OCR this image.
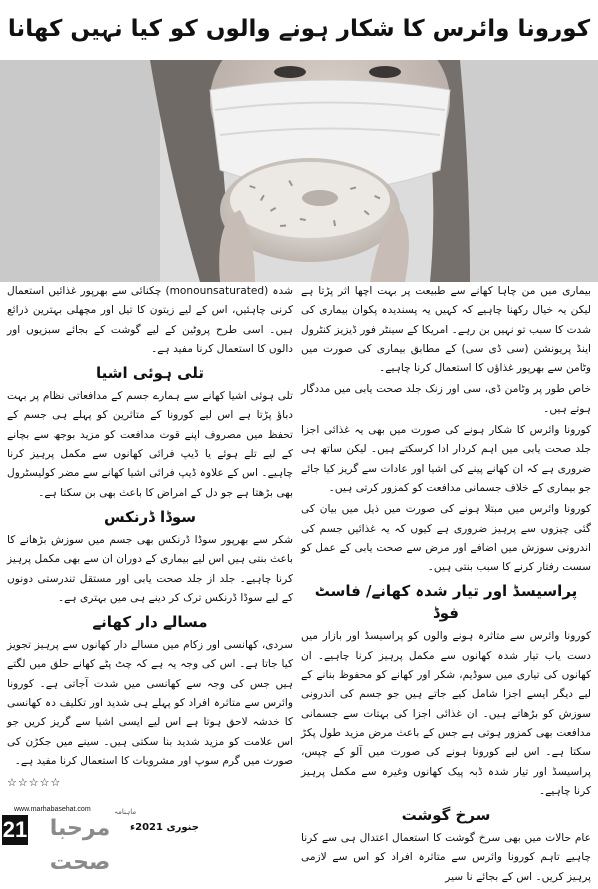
کورونا وائرس کا شکار ہونے والوں کو کیا نہیں کھانا

بیماری میں من چاہا کھانے سے طبیعت پر بہت اچھا اثر پڑتا ہے لیکن یہ خیال رکھنا چاہیے کہ کہیں یہ پسندیدہ پکوان بیماری کی شدت کا سبب تو نہیں بن رہے۔ امریکا کے سینٹر فور ڈیزیز کنٹرول اینڈ پریونشن (سی ڈی سی) کے مطابق بیماری کی صورت میں وٹامن سے بھرپور غذاؤں کا استعمال کرنا چاہیے۔

خاص طور پر وٹامن ڈی، سی اور زنک جلد صحت یابی میں مددگار ہوتے ہیں۔

کورونا وائرس کا شکار ہونے کی صورت میں بھی یہ غذائی اجزا جلد صحت یابی میں اہم کردار ادا کرسکتے ہیں۔ لیکن ساتھ ہی ضروری ہے کہ ان کھانے پینے کی اشیا اور عادات سے گریز کیا جائے جو بیماری کے خلاف جسمانی مدافعت کو کمزور کرتی ہیں۔

کورونا وائرس میں مبتلا ہونے کی صورت میں ذیل میں بیان کی گئی چیزوں سے پرہیز ضروری ہے کیوں کہ یہ غذائیں جسم کی اندرونی سوزش میں اضافے اور مرض سے صحت یابی کے عمل کو سست رفتار کرنے کا سبب بنتی ہیں۔

پراسیسڈ اور تیار شدہ کھانے/ فاسٹ فوڈ

کورونا وائرس سے متاثرہ ہونے والوں کو پراسیسڈ اور بازار میں دست یاب تیار شدہ کھانوں سے مکمل پرہیز کرنا چاہیے۔ ان کھانوں کی تیاری میں سوڈیم، شکر اور کھانے کو محفوظ بنانے کے لیے دیگر ایسے اجزا شامل کیے جاتے ہیں جو جسم کی اندرونی سوزش کو بڑھاتے ہیں۔ ان غذائی اجزا کی بہتات سے جسمانی مدافعت بھی کمزور ہوتی ہے جس کے باعث مرض مزید طول پکڑ سکتا ہے۔ اس لیے کورونا ہونے کی صورت میں آلو کے چپس، پراسیسڈ اور تیار شدہ ڈبہ پیک کھانوں وغیرہ سے مکمل پرہیز کرنا چاہیے۔

سرخ گوشت

عام حالات میں بھی سرخ گوشت کا استعمال اعتدال ہی سے کرنا چاہیے تاہم کورونا وائرس سے متاثرہ افراد کو اس سے لازمی پرہیز کریں۔ اس کے بجائے نا سیر

شدہ (monounsaturated) چکنائی سے بھرپور غذائیں استعمال کرنی چاہئیں، اس کے لیے زیتون کا تیل اور مچھلی بہترین ذرائع ہیں۔ اسی طرح پروٹین کے لیے گوشت کے بجائے سبزیوں اور دالوں کا استعمال کرنا مفید ہے۔

تلی ہوئی اشیا

تلی ہوئی اشیا کھانے سے ہمارے جسم کے مدافعاتی نظام پر بہت دباؤ پڑتا ہے اس لیے کورونا کے متاثرین کو پہلے ہی جسم کے تحفظ میں مصروف اپنے قوت مدافعت کو مزید بوجھ سے بچانے کے لیے تلے ہوئے یا ڈیپ فرائی کھانوں سے مکمل پرہیز کرنا چاہیے۔ اس کے علاوہ ڈیپ فرائی اشیا کھانے سے مضر کولیسٹرول بھی بڑھتا ہے جو دل کے امراض کا باعث بھی بن سکتا ہے۔

سوڈا ڈرنکس

شکر سے بھرپور سوڈا ڈرنکس بھی جسم میں سوزش بڑھانے کا باعث بنتی ہیں اس لیے بیماری کے دوران ان سے بھی مکمل پرہیز کرنا چاہیے۔ جلد از جلد صحت یابی اور مستقل تندرستی دونوں کے لیے سوڈا ڈرنکس ترک کر دینے ہی میں بہتری ہے۔

مسالے دار کھانے

سردی، کھانسی اور زکام میں مسالے دار کھانوں سے پرہیز تجویز کیا جاتا ہے۔ اس کی وجہ یہ ہے کہ چٹ پٹے کھانے حلق میں لگتے ہیں جس کی وجہ سے کھانسی میں شدت آجاتی ہے۔ کورونا وائرس سے متاثرہ افراد کو پہلے ہی شدید اور تکلیف دہ کھانسی کا خدشہ لاحق ہوتا ہے اس لیے ایسی اشیا سے گریز کریں جو اس علامت کو مزید شدید بنا سکتی ہیں۔ سینے میں جکڑن کی صورت میں گرم سوپ اور مشروبات کا استعمال کرنا مفید ہے۔

☆☆☆☆☆
www.marhabasehat.com
21	مرحبا صحت
ماہنامہ
جنوری 2021ء
